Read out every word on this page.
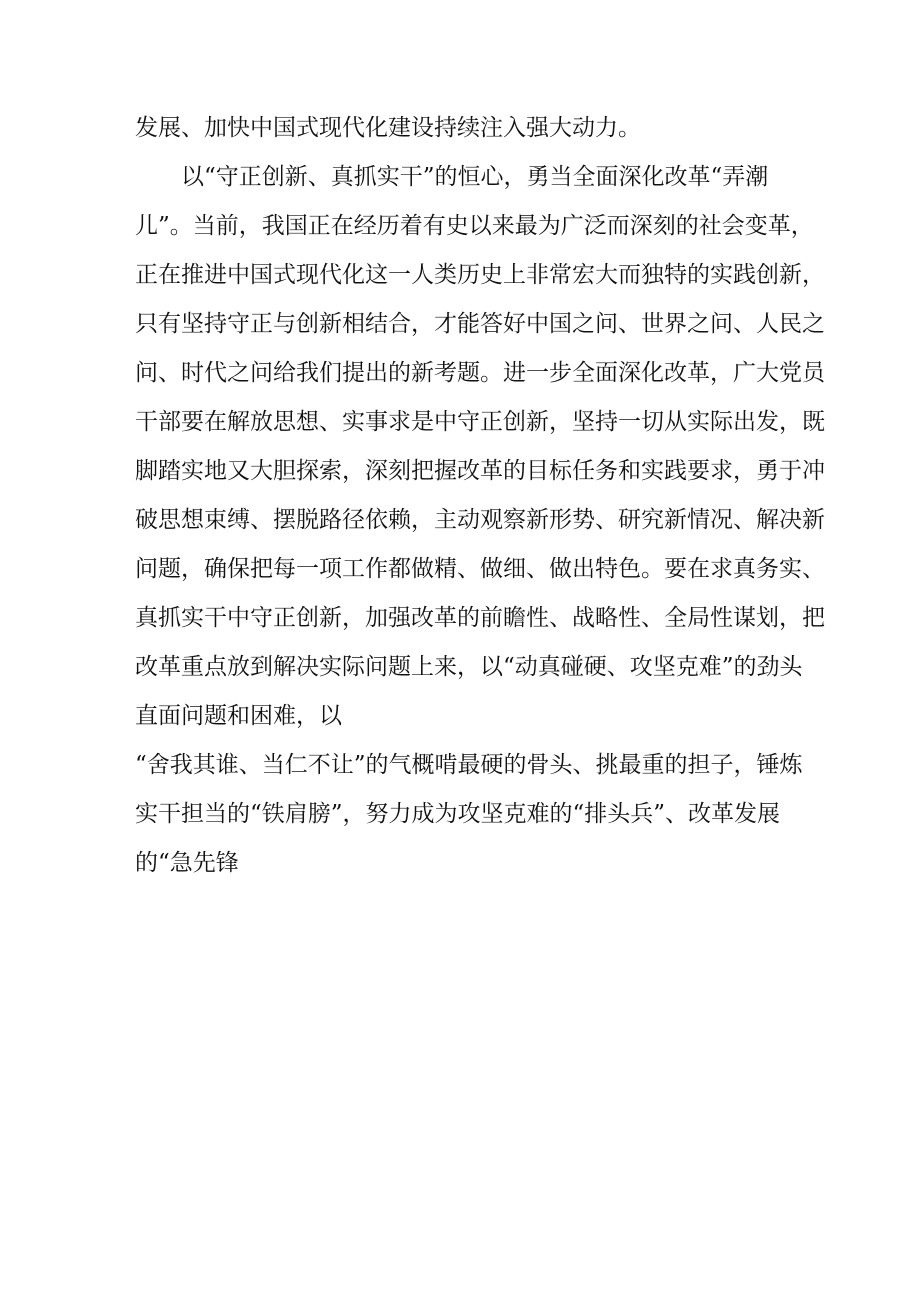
发展、加快中国式现代化建设持续注入强大动力。
以“守正创新、真抓实干”的恒心，勇当全面深化改革“弄潮
儿”。当前，我国正在经历着有史以来最为广泛而深刻的社会变革，
正在推进中国式现代化这一人类历史上非常宏大而独特的实践创新，
只有坚持守正与创新相结合，才能答好中国之问、世界之问、人民之
问、时代之问给我们提出的新考题。进一步全面深化改革，广大党员
干部要在解放思想、实事求是中守正创新，坚持一切从实际出发，既
脚踏实地又大胆探索，深刻把握改革的目标任务和实践要求，勇于冲
破思想束缚、摆脱路径依赖，主动观察新形势、研究新情况、解决新
问题，确保把每一项工作都做精、做细、做出特色。要在求真务实、
真抓实干中守正创新，加强改革的前瞻性、战略性、全局性谋划，把
改革重点放到解决实际问题上来，以“动真碰硬、攻坚克难”的劲头
直面问题和困难，以
“舍我其谁、当仁不让”的气概啃最硬的骨头、挑最重的担子，锤炼
实干担当的“铁肩膀”，努力成为攻坚克难的“排头兵”、改革发展
的“急先锋
